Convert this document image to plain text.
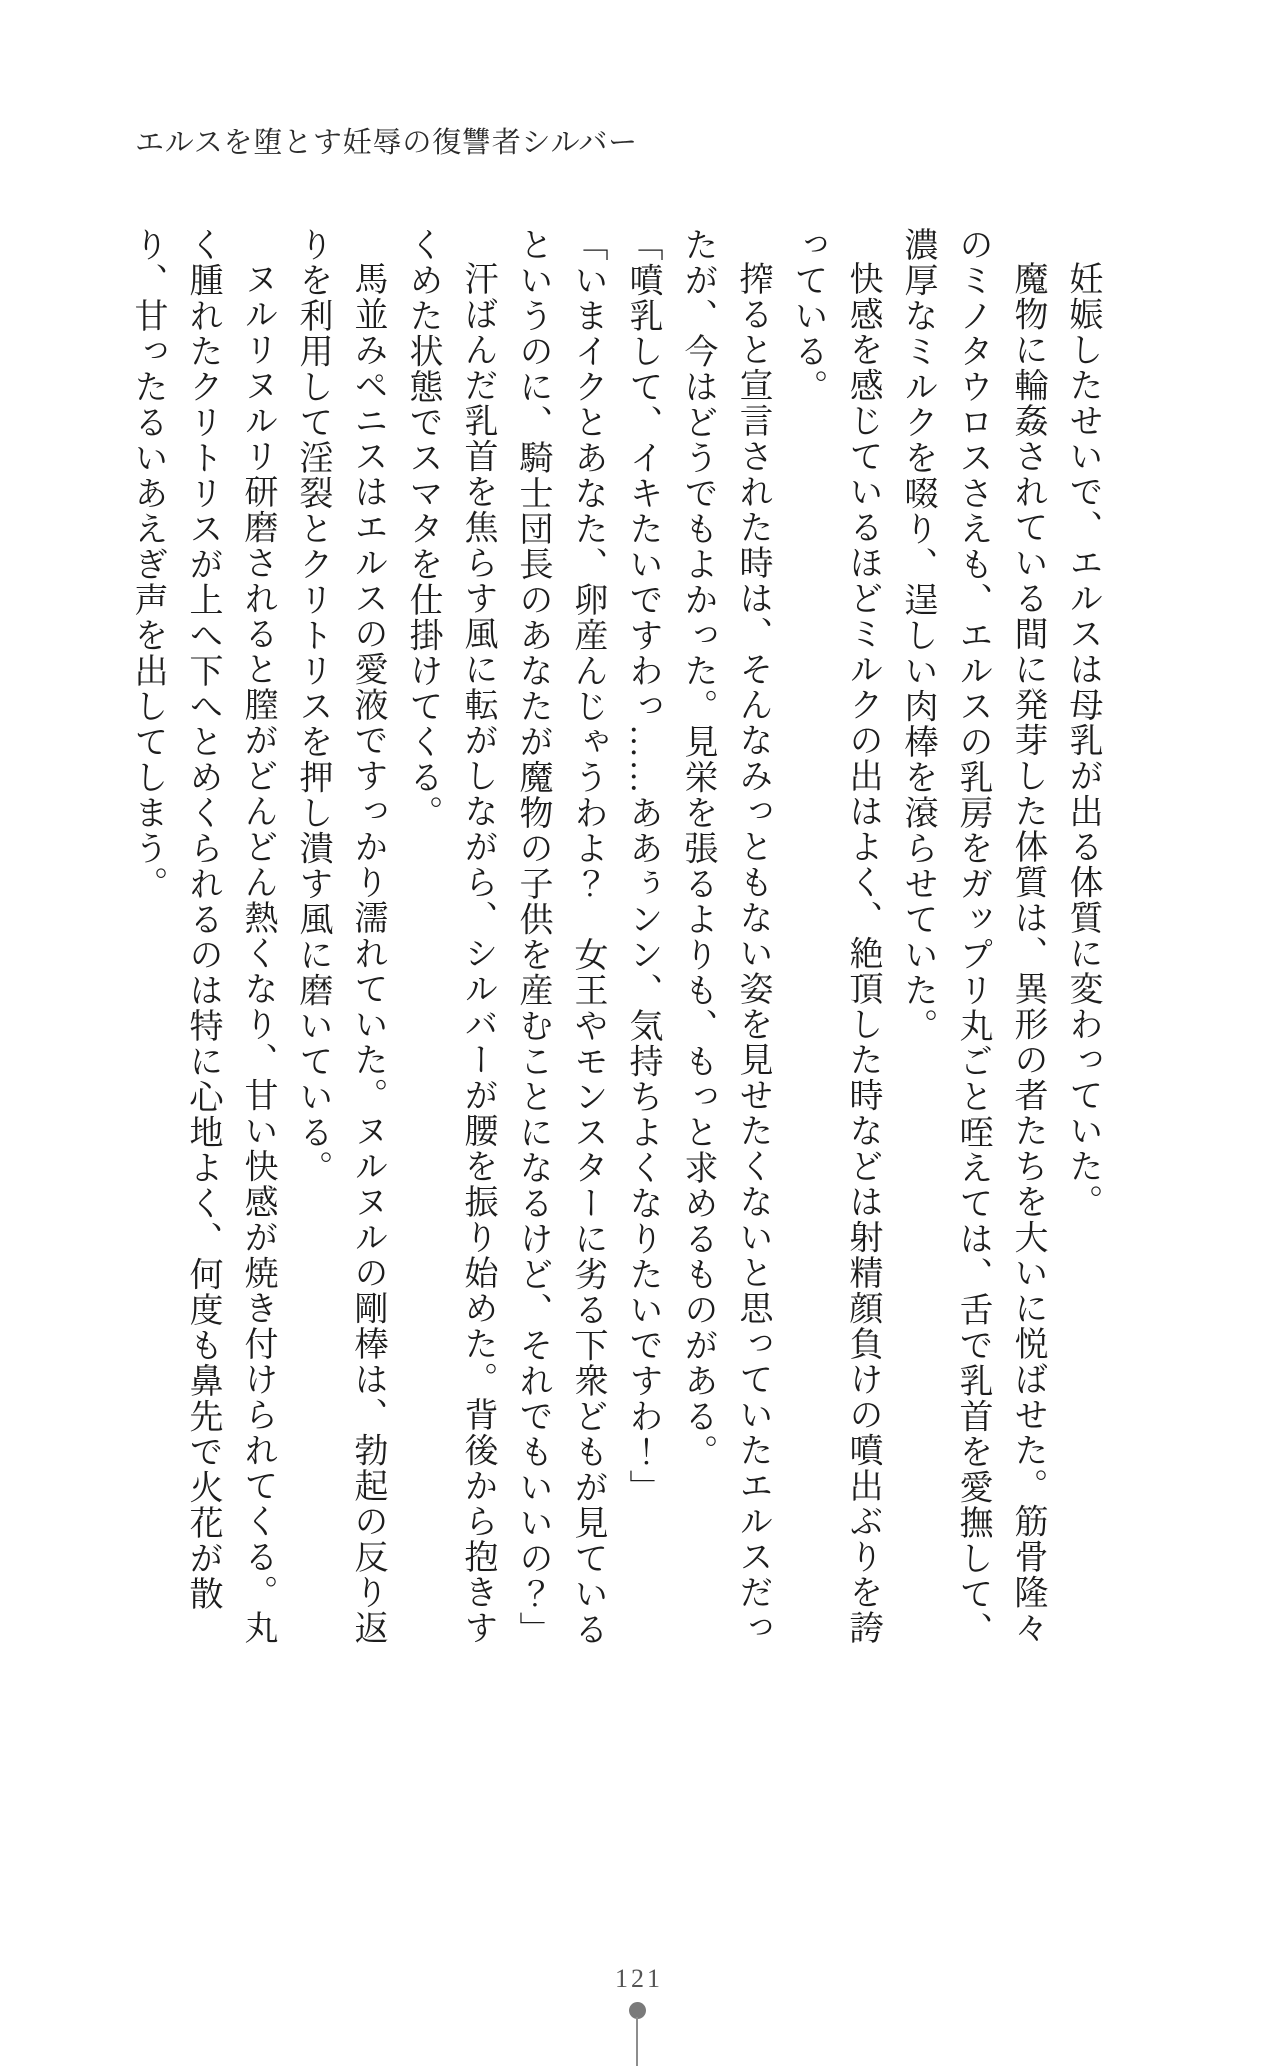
エルスを堕とす妊辱の復讐者シルバー

妊娠したせいで、エルスは母乳が出る体質に変わっていた。

魔物に輪姦されている間に発芽した体質は、異形の者たちを大いに悦ばせた。筋骨隆々のミノタウロスさえも、エルスの乳房をガップリ丸ごと咥えては、舌で乳首を愛撫して、濃厚なミルクを啜り、逞しい肉棒を滾らせていた。

快感を感じているほどミルクの出はよく、絶頂した時などは射精顔負けの噴出ぶりを誇っている。

搾ると宣言された時は、そんなみっともない姿を見せたくないと思っていたエルスだったが、今はどうでもよかった。見栄を張るよりも、もっと求めるものがある。

「噴乳して、イキたいですわっ……ああぅンン、気持ちよくなりたいですわ！」

「いまイクとあなた、卵産んじゃうわよ？　女王やモンスターに劣る下衆どもが見ているというのに、騎士団長のあなたが魔物の子供を産むことになるけど、それでもいいの？」

汗ばんだ乳首を焦らす風に転がしながら、シルバーが腰を振り始めた。背後から抱きすくめた状態でスマタを仕掛けてくる。

馬並みペニスはエルスの愛液ですっかり濡れていた。ヌルヌルの剛棒は、勃起の反り返りを利用して淫裂とクリトリスを押し潰す風に磨いている。

ヌルリヌルリ研磨されると膣がどんどん熱くなり、甘い快感が焼き付けられてくる。丸く腫れたクリトリスが上へ下へとめくられるのは特に心地よく、何度も鼻先で火花が散り、甘ったるいあえぎ声を出してしまう。

121
